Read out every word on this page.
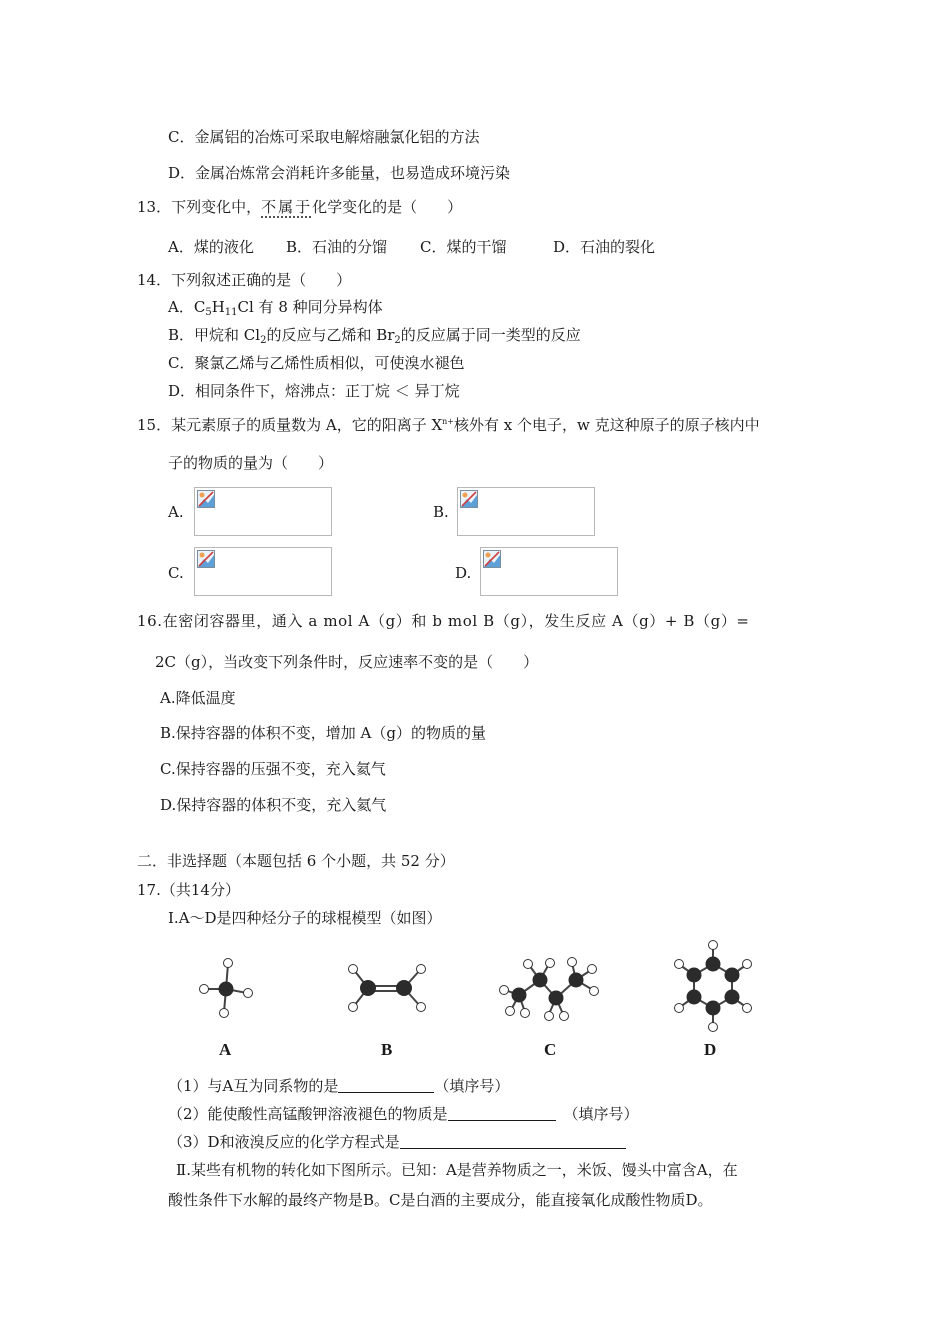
C．金属铝的冶炼可采取电解熔融氯化铝的方法
D．金属冶炼常会消耗许多能量，也易造成环境污染
13．下列变化中，不属于化学变化的是（　　）
A．煤的液化 B．石油的分馏 C．煤的干馏	D．石油的裂化
14．下列叙述正确的是（　　）
A．$C_5H_{11}Cl$ 有 8 种同分异构体
B．甲烷和 $Cl_2$的反应与乙烯和 $Br_2$的反应属于同一类型的反应
C．聚氯乙烯与乙烯性质相似，可使溴水褪色
D．相同条件下，熔沸点：正丁烷 ＜ 异丁烷
15．某元素原子的质量数为 A，它的阳离子 $X^{n+}$核外有 x 个电子，w 克这种原子的原子核内中
子的物质的量为（　　）
A.	B.
C.	D.
16.在密闭容器里，通入 a mol A（g）和 b mol B（g），发生反应 A（g）+ B（g）=
2C（g），当改变下列条件时，反应速率不变的是（　　）
A.降低温度
B.保持容器的体积不变，增加 A（g）的物质的量
C.保持容器的压强不变，充入氦气
D.保持容器的体积不变，充入氦气
二．非选择题（本题包括 6 个小题，共 52 分）
17.（共14分）
Ⅰ.A～D是四种烃分子的球棍模型（如图）
A	B	C	D
（1）与A互为同系物的是	（填序号）
（2）能使酸性高锰酸钾溶液褪色的物质是	（填序号）
（3）D和液溴反应的化学方程式是
Ⅱ.某些有机物的转化如下图所示。已知：A是营养物质之一，米饭、馒头中富含A，在
酸性条件下水解的最终产物是B。C是白酒的主要成分，能直接氧化成酸性物质D。
